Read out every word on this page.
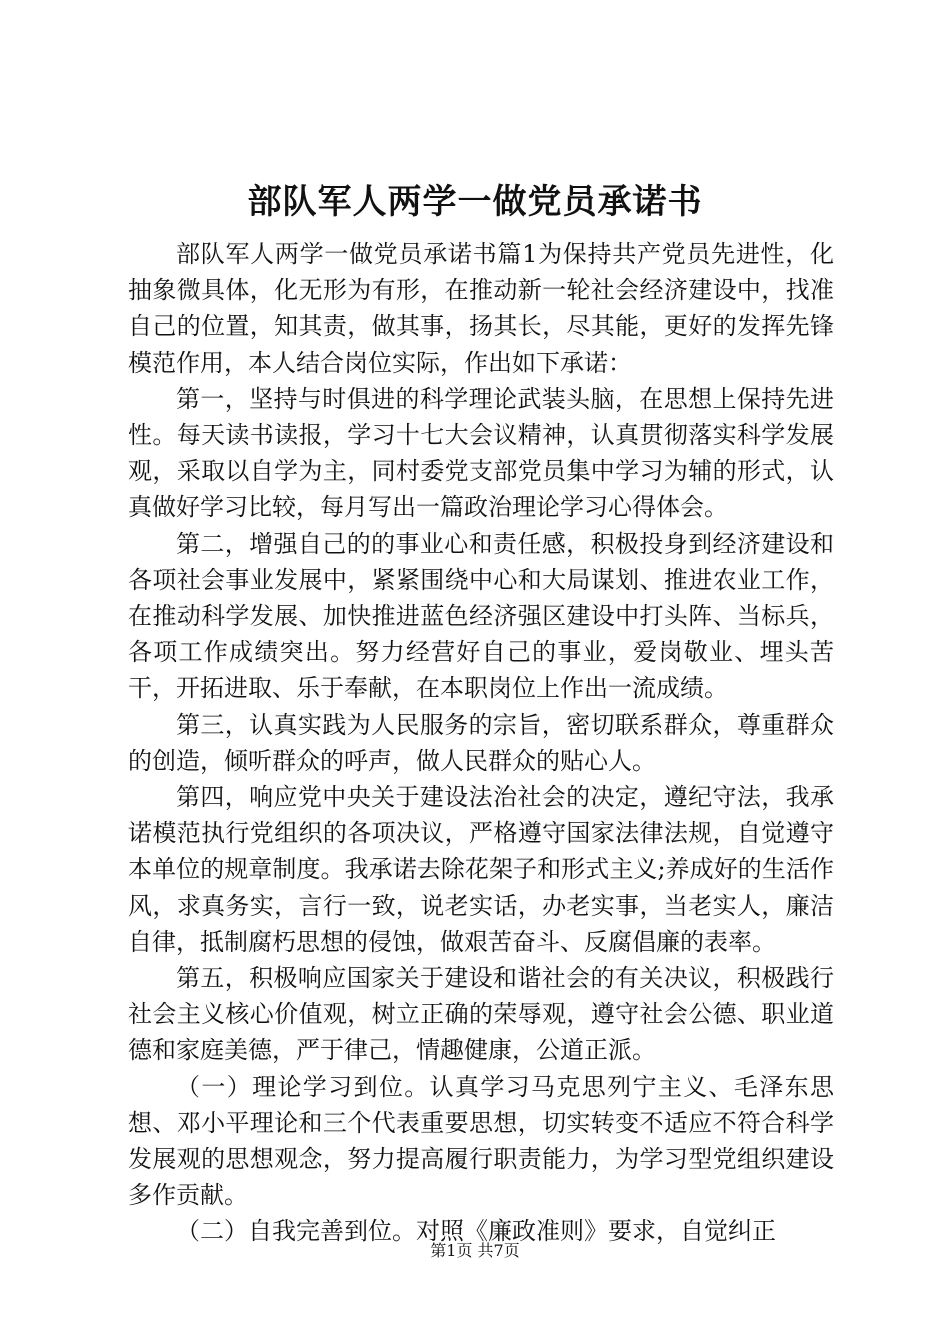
部队军人两学一做党员承诺书

部队军人两学一做党员承诺书篇1为保持共产党员先进性，化抽象微具体，化无形为有形，在推动新一轮社会经济建设中，找准自己的位置，知其责，做其事，扬其长，尽其能，更好的发挥先锋模范作用，本人结合岗位实际，作出如下承诺：

第一，坚持与时俱进的科学理论武装头脑，在思想上保持先进性。每天读书读报，学习十七大会议精神，认真贯彻落实科学发展观，采取以自学为主，同村委党支部党员集中学习为辅的形式，认真做好学习比较，每月写出一篇政治理论学习心得体会。

第二，增强自己的的事业心和责任感，积极投身到经济建设和各项社会事业发展中，紧紧围绕中心和大局谋划、推进农业工作，在推动科学发展、加快推进蓝色经济强区建设中打头阵、当标兵，各项工作成绩突出。努力经营好自己的事业，爱岗敬业、埋头苦干，开拓进取、乐于奉献，在本职岗位上作出一流成绩。

第三，认真实践为人民服务的宗旨，密切联系群众，尊重群众的创造，倾听群众的呼声，做人民群众的贴心人。

第四，响应党中央关于建设法治社会的决定，遵纪守法，我承诺模范执行党组织的各项决议，严格遵守国家法律法规，自觉遵守本单位的规章制度。我承诺去除花架子和形式主义;养成好的生活作风，求真务实，言行一致，说老实话，办老实事，当老实人，廉洁自律，抵制腐朽思想的侵蚀，做艰苦奋斗、反腐倡廉的表率。

第五，积极响应国家关于建设和谐社会的有关决议，积极践行社会主义核心价值观，树立正确的荣辱观，遵守社会公德、职业道德和家庭美德，严于律己，情趣健康，公道正派。

（一）理论学习到位。认真学习马克思列宁主义、毛泽东思想、邓小平理论和三个代表重要思想，切实转变不适应不符合科学发展观的思想观念，努力提高履行职责能力，为学习型党组织建设多作贡献。

（二）自我完善到位。对照《廉政准则》要求，自觉纠正

第1页 共7页
